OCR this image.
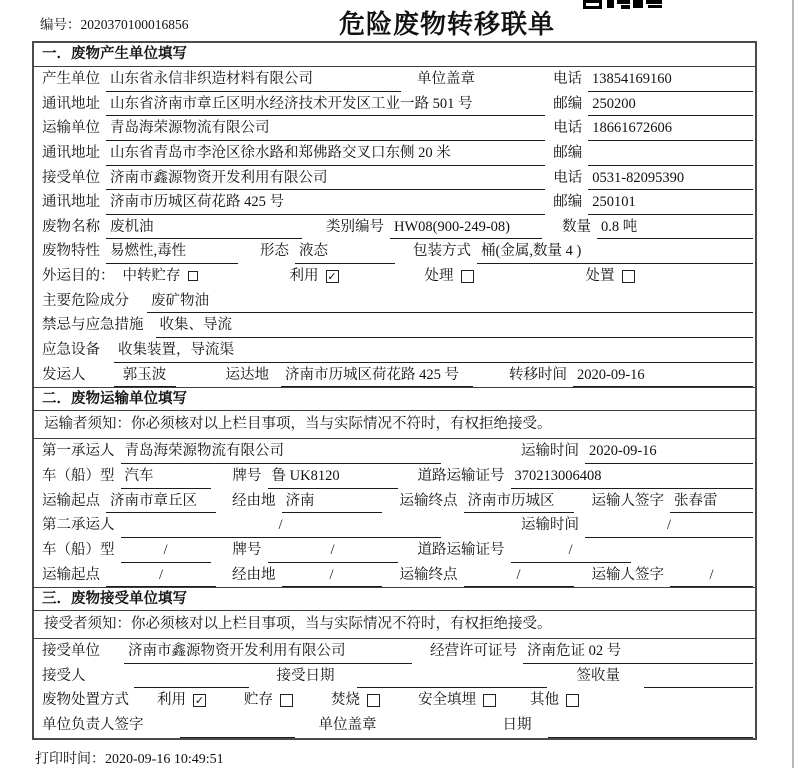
编号：2020370100016856	危险废物转移联单
一．废物产生单位填写
产生单位 山东省永信非织造材料有限公司	单位盖章	电话 13854169160
通讯地址 山东省济南市章丘区明水经济技术开发区工业一路 501 号	邮编 250200
运输单位 青岛海荣源物流有限公司	电话 18661672606
通讯地址 山东省青岛市李沧区徐水路和郑佛路交叉口东侧 20 米	邮编
接受单位 济南市鑫源物资开发利用有限公司	电话 0531-82095390
通讯地址 济南市历城区荷花路 425 号	邮编 250101
废物名称 废机油	类别编号 HW08(900-249-08)	数量 0.8 吨
废物特性 易燃性,毒性	形态 液态	包装方式 桶(金属,数量 4 )
外运目的： 中转贮存	利用 ✓	处理	处置
主要危险成分	废矿物油
禁忌与应急措施	收集、导流
应急设备	收集装置，导流渠
发运人	郭玉波	运达地	济南市历城区荷花路 425 号	转移时间 2020-09-16
二．废物运输单位填写
运输者须知：你必须核对以上栏目事项，当与实际情况不符时，有权拒绝接受。
第一承运人 青岛海荣源物流有限公司	运输时间 2020-09-16
车（船）型 汽车	牌号 鲁 UK8120	道路运输证号 370213006408
运输起点 济南市章丘区	经由地 济南	运输终点 济南市历城区	运输人签字 张春雷
第二承运人	/	运输时间	/
车（船）型	/	牌号	/	道路运输证号	/
运输起点	/	经由地	/	运输终点	/	运输人签字	/
三．废物接受单位填写
接受者须知：你必须核对以上栏目事项，当与实际情况不符时，有权拒绝接受。
接受单位	济南市鑫源物资开发利用有限公司	经营许可证号 济南危证 02 号
接受人	接受日期	签收量
废物处置方式	利用 ✓	贮存	焚烧	安全填埋	其他
单位负责人签字	单位盖章	日期
打印时间：2020-09-16 10:49:51
